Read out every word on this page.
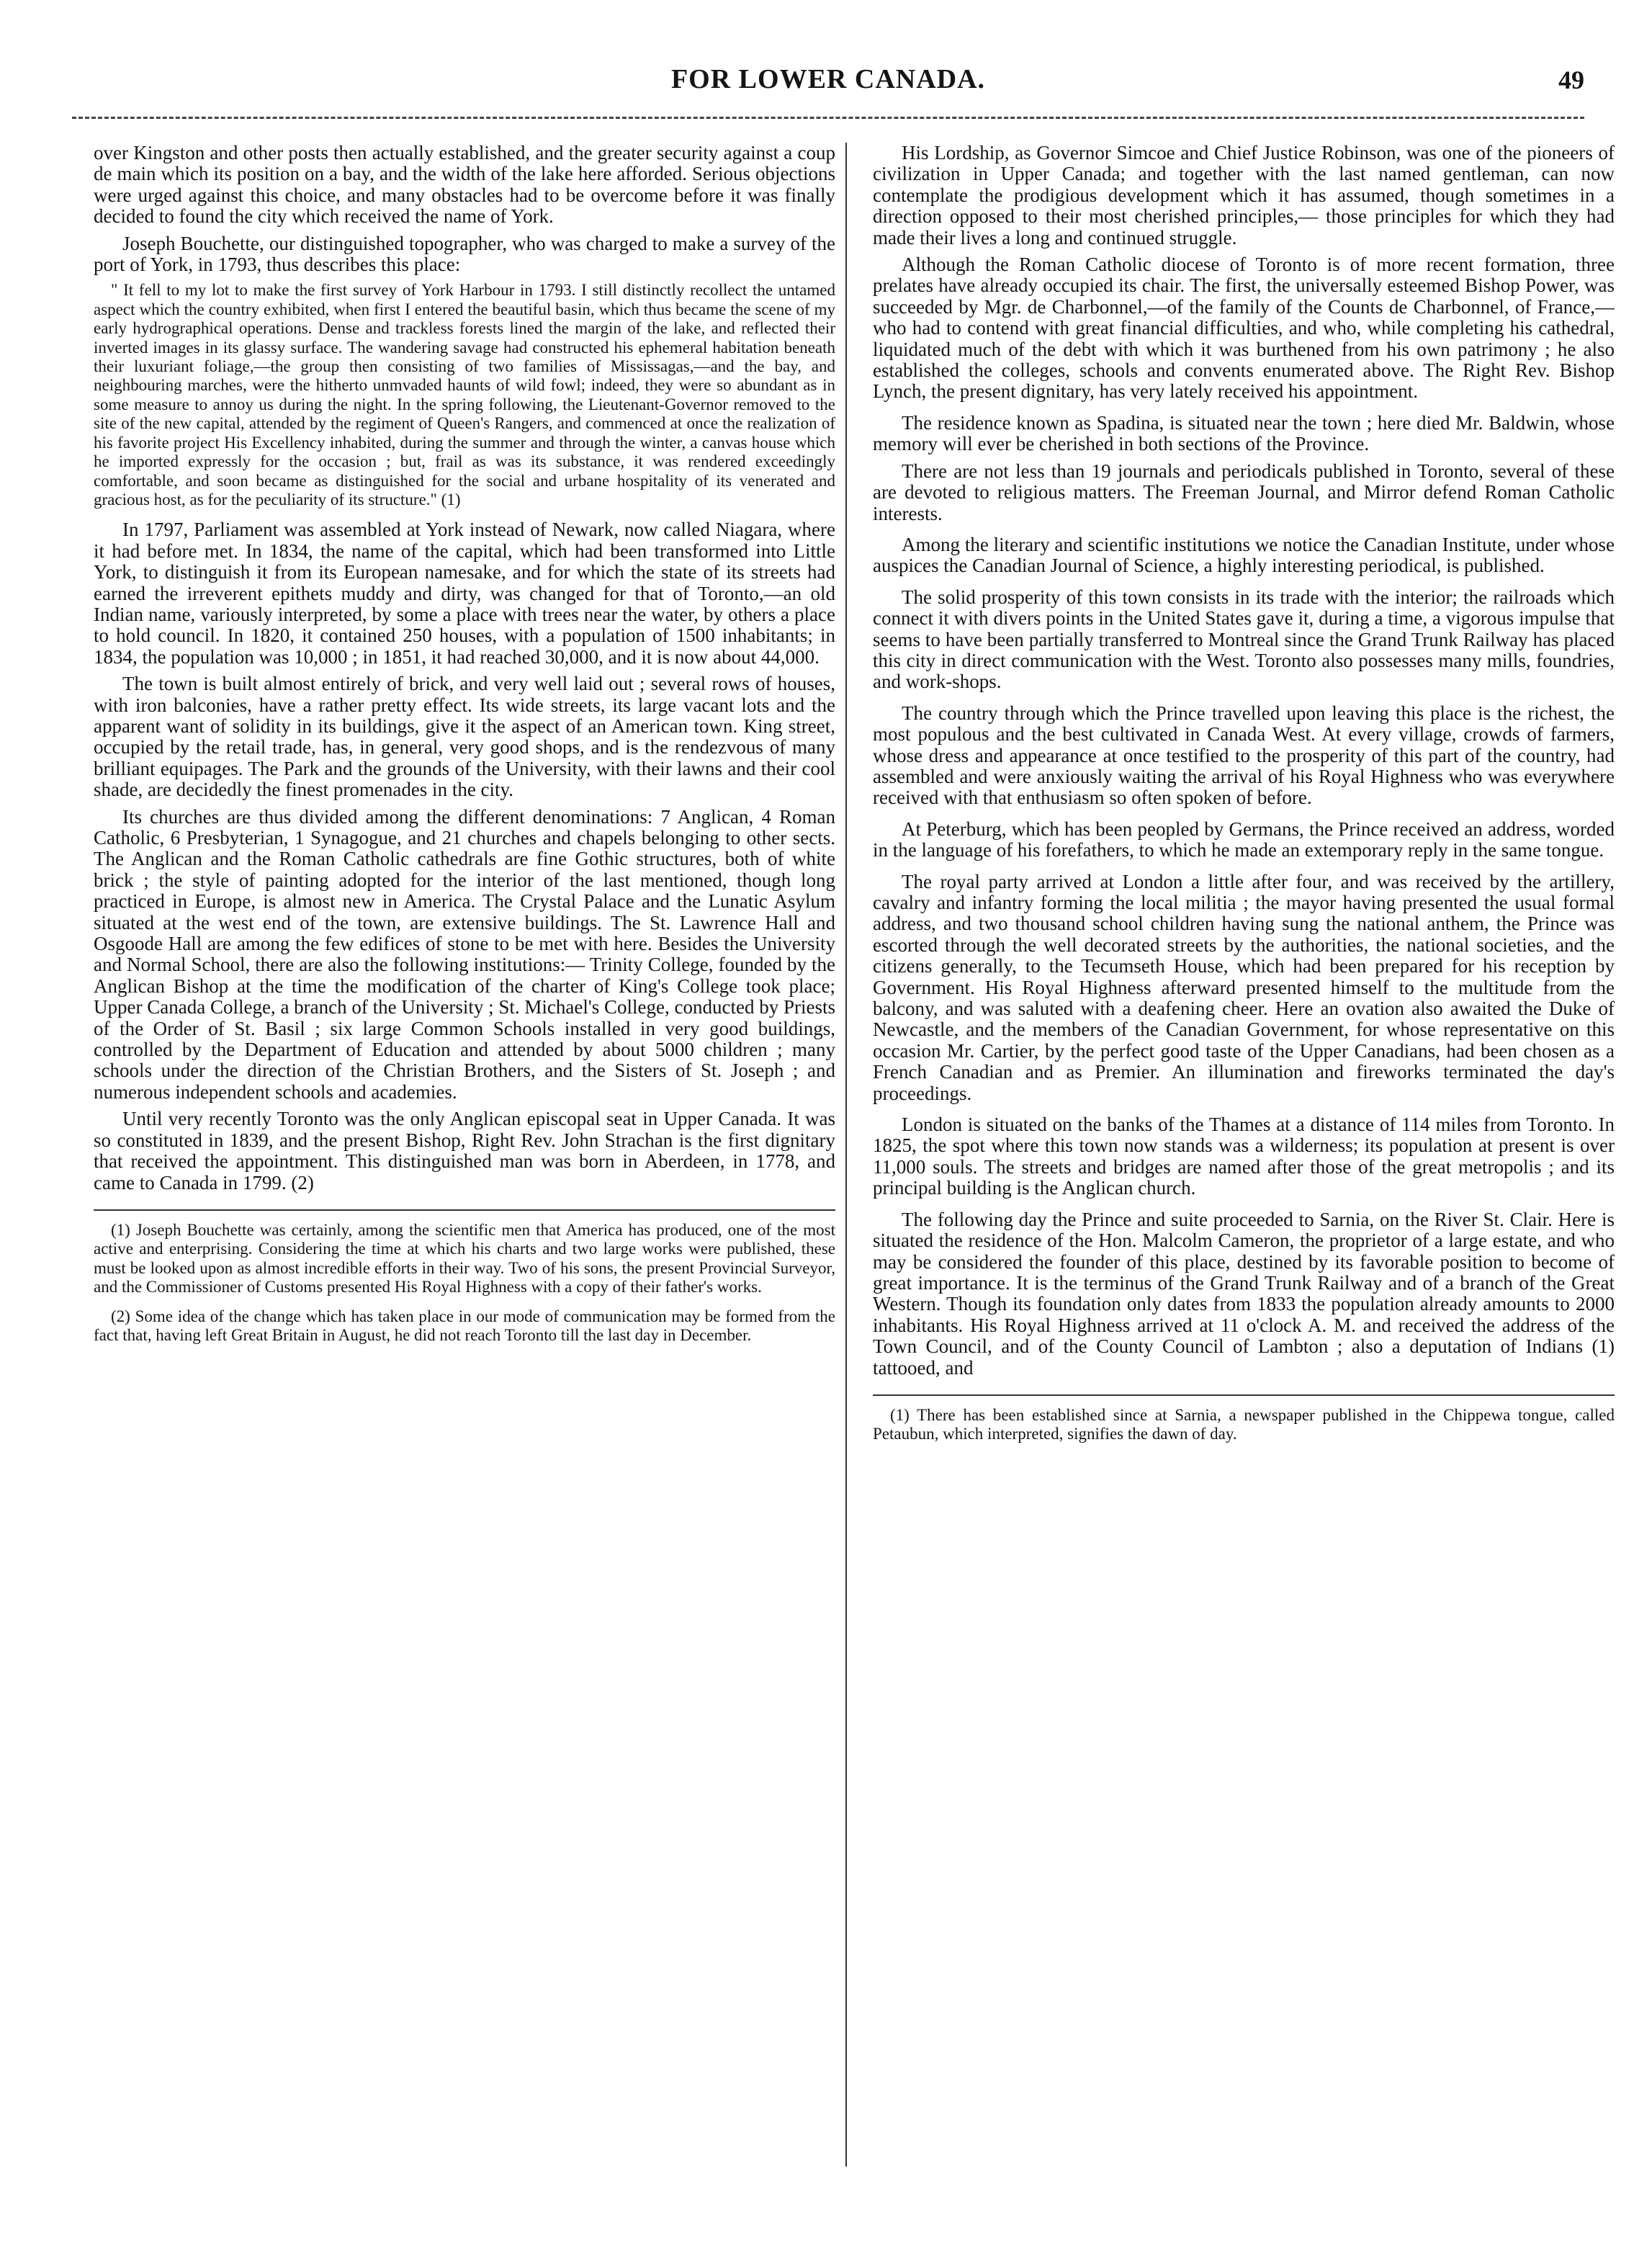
FOR LOWER CANADA.	49

over Kingston and other posts then actually established, and the greater security against a coup de main which its position on a bay, and the width of the lake here afforded. Serious objections were urged against this choice, and many obstacles had to be overcome before it was finally decided to found the city which received the name of York.

Joseph Bouchette, our distinguished topographer, who was charged to make a survey of the port of York, in 1793, thus describes this place:

" It fell to my lot to make the first survey of York Harbour in 1793. I still distinctly recollect the untamed aspect which the country exhibited, when first I entered the beautiful basin, which thus became the scene of my early hydrographical operations. Dense and trackless forests lined the margin of the lake, and reflected their inverted images in its glassy surface. The wandering savage had constructed his ephemeral habitation beneath their luxuriant foliage,—the group then consisting of two families of Mississagas,—and the bay, and neighbouring marches, were the hitherto unmvaded haunts of wild fowl; indeed, they were so abundant as in some measure to annoy us during the night. In the spring following, the Lieutenant-Governor removed to the site of the new capital, attended by the regiment of Queen's Rangers, and commenced at once the realization of his favorite project His Excellency inhabited, during the summer and through the winter, a canvas house which he imported expressly for the occasion ; but, frail as was its substance, it was rendered exceedingly comfortable, and soon became as distinguished for the social and urbane hospitality of its venerated and gracious host, as for the peculiarity of its structure." (1)

In 1797, Parliament was assembled at York instead of Newark, now called Niagara, where it had before met. In 1834, the name of the capital, which had been transformed into Little York, to distinguish it from its European namesake, and for which the state of its streets had earned the irreverent epithets muddy and dirty, was changed for that of Toronto,—an old Indian name, variously interpreted, by some a place with trees near the water, by others a place to hold council. In 1820, it contained 250 houses, with a population of 1500 inhabitants; in 1834, the population was 10,000 ; in 1851, it had reached 30,000, and it is now about 44,000.

The town is built almost entirely of brick, and very well laid out ; several rows of houses, with iron balconies, have a rather pretty effect. Its wide streets, its large vacant lots and the apparent want of solidity in its buildings, give it the aspect of an American town. King street, occupied by the retail trade, has, in general, very good shops, and is the rendezvous of many brilliant equipages. The Park and the grounds of the University, with their lawns and their cool shade, are decidedly the finest promenades in the city.

Its churches are thus divided among the different denominations: 7 Anglican, 4 Roman Catholic, 6 Presbyterian, 1 Synagogue, and 21 churches and chapels belonging to other sects. The Anglican and the Roman Catholic cathedrals are fine Gothic structures, both of white brick ; the style of painting adopted for the interior of the last mentioned, though long practiced in Europe, is almost new in America. The Crystal Palace and the Lunatic Asylum situated at the west end of the town, are extensive buildings. The St. Lawrence Hall and Osgoode Hall are among the few edifices of stone to be met with here. Besides the University and Normal School, there are also the following institutions:— Trinity College, founded by the Anglican Bishop at the time the modification of the charter of King's College took place; Upper Canada College, a branch of the University ; St. Michael's College, conducted by Priests of the Order of St. Basil ; six large Common Schools installed in very good buildings, controlled by the Department of Education and attended by about 5000 children ; many schools under the direction of the Christian Brothers, and the Sisters of St. Joseph ; and numerous independent schools and academies.

Until very recently Toronto was the only Anglican episcopal seat in Upper Canada. It was so constituted in 1839, and the present Bishop, Right Rev. John Strachan is the first dignitary that received the appointment. This distinguished man was born in Aberdeen, in 1778, and came to Canada in 1799. (2)

(1) Joseph Bouchette was certainly, among the scientific men that America has produced, one of the most active and enterprising. Considering the time at which his charts and two large works were published, these must be looked upon as almost incredible efforts in their way. Two of his sons, the present Provincial Surveyor, and the Commissioner of Customs presented His Royal Highness with a copy of their father's works.

(2) Some idea of the change which has taken place in our mode of communication may be formed from the fact that, having left Great Britain in August, he did not reach Toronto till the last day in December.

His Lordship, as Governor Simcoe and Chief Justice Robinson, was one of the pioneers of civilization in Upper Canada; and together with the last named gentleman, can now contemplate the prodigious development which it has assumed, though sometimes in a direction opposed to their most cherished principles,— those principles for which they had made their lives a long and continued struggle.

Although the Roman Catholic diocese of Toronto is of more recent formation, three prelates have already occupied its chair. The first, the universally esteemed Bishop Power, was succeeded by Mgr. de Charbonnel,—of the family of the Counts de Charbonnel, of France,—who had to contend with great financial difficulties, and who, while completing his cathedral, liquidated much of the debt with which it was burthened from his own patrimony ; he also established the colleges, schools and convents enumerated above. The Right Rev. Bishop Lynch, the present dignitary, has very lately received his appointment.

The residence known as Spadina, is situated near the town ; here died Mr. Baldwin, whose memory will ever be cherished in both sections of the Province.

There are not less than 19 journals and periodicals published in Toronto, several of these are devoted to religious matters. The Freeman Journal, and Mirror defend Roman Catholic interests.

Among the literary and scientific institutions we notice the Canadian Institute, under whose auspices the Canadian Journal of Science, a highly interesting periodical, is published.

The solid prosperity of this town consists in its trade with the interior; the railroads which connect it with divers points in the United States gave it, during a time, a vigorous impulse that seems to have been partially transferred to Montreal since the Grand Trunk Railway has placed this city in direct communication with the West. Toronto also possesses many mills, foundries, and work-shops.

The country through which the Prince travelled upon leaving this place is the richest, the most populous and the best cultivated in Canada West. At every village, crowds of farmers, whose dress and appearance at once testified to the prosperity of this part of the country, had assembled and were anxiously waiting the arrival of his Royal Highness who was everywhere received with that enthusiasm so often spoken of before.

At Peterburg, which has been peopled by Germans, the Prince received an address, worded in the language of his forefathers, to which he made an extemporary reply in the same tongue.

The royal party arrived at London a little after four, and was received by the artillery, cavalry and infantry forming the local militia ; the mayor having presented the usual formal address, and two thousand school children having sung the national anthem, the Prince was escorted through the well decorated streets by the authorities, the national societies, and the citizens generally, to the Tecumseth House, which had been prepared for his reception by Government. His Royal Highness afterward presented himself to the multitude from the balcony, and was saluted with a deafening cheer. Here an ovation also awaited the Duke of Newcastle, and the members of the Canadian Government, for whose representative on this occasion Mr. Cartier, by the perfect good taste of the Upper Canadians, had been chosen as a French Canadian and as Premier. An illumination and fireworks terminated the day's proceedings.

London is situated on the banks of the Thames at a distance of 114 miles from Toronto. In 1825, the spot where this town now stands was a wilderness; its population at present is over 11,000 souls. The streets and bridges are named after those of the great metropolis ; and its principal building is the Anglican church.

The following day the Prince and suite proceeded to Sarnia, on the River St. Clair. Here is situated the residence of the Hon. Malcolm Cameron, the proprietor of a large estate, and who may be considered the founder of this place, destined by its favorable position to become of great importance. It is the terminus of the Grand Trunk Railway and of a branch of the Great Western. Though its foundation only dates from 1833 the population already amounts to 2000 inhabitants. His Royal Highness arrived at 11 o'clock A. M. and received the address of the Town Council, and of the County Council of Lambton ; also a deputation of Indians (1) tattooed, and

(1) There has been established since at Sarnia, a newspaper published in the Chippewa tongue, called Petaubun, which interpreted, signifies the dawn of day.
